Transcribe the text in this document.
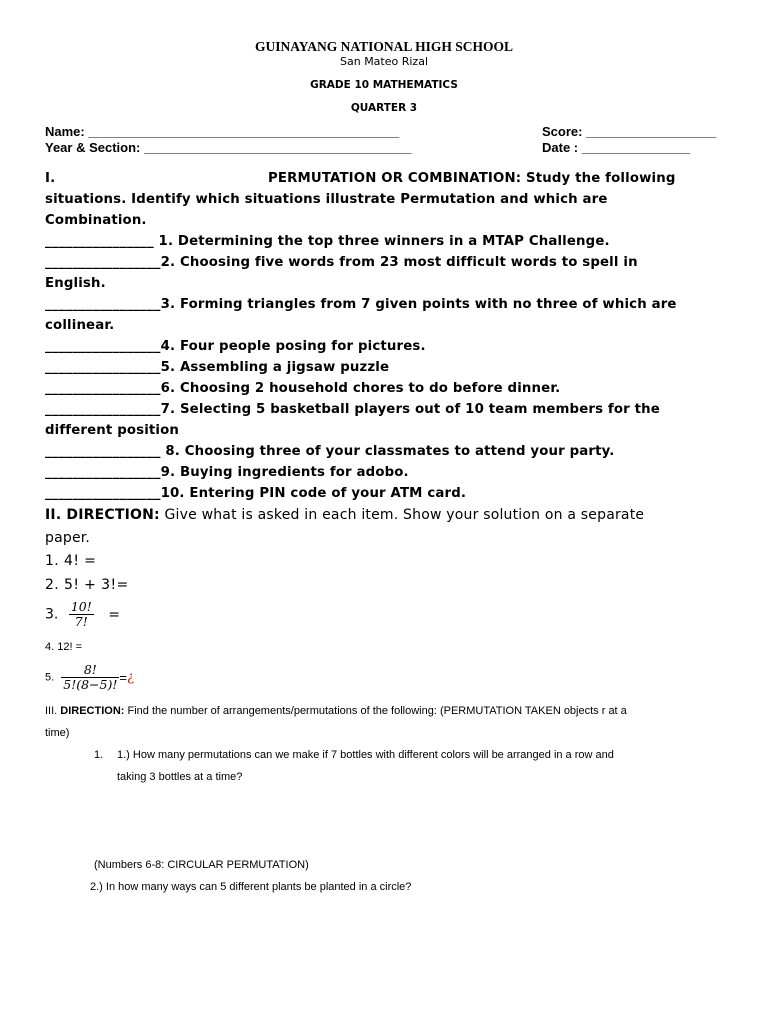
GUINAYANG NATIONAL HIGH SCHOOL
San Mateo Rizal
GRADE 10 MATHEMATICS
QUARTER 3
Name: ___________________________________________
Year & Section: _____________________________________
Score: __________________
Date : _______________
I.	PERMUTATION OR COMBINATION: Study the following
situations. Identify which situations illustrate Permutation and which are
Combination.
________________ 1. Determining the top three winners in a MTAP Challenge.
_________________2. Choosing five words from 23 most difficult words to spell in
English.
_________________3. Forming triangles from 7 given points with no three of which are
collinear.
_________________4. Four people posing for pictures.
_________________5. Assembling a jigsaw puzzle
_________________6. Choosing 2 household chores to do before dinner.
_________________7. Selecting 5 basketball players out of 10 team members for the
different position
_________________ 8. Choosing three of your classmates to attend your party.
_________________9. Buying ingredients for adobo.
_________________10. Entering PIN code of your ATM card.
II. DIRECTION: Give what is asked in each item. Show your solution on a separate
paper.
1. 4! =
2. 5! + 3!=
3. $\frac{10!}{7!}$ =
4. 12! =
5. $\frac{8!}{5!(8-5)!}$ =¿
III. DIRECTION: Find the number of arrangements/permutations of the following: (PERMUTATION TAKEN objects r at a
time)
1. 1.) How many permutations can we make if 7 bottles with different colors will be arranged in a row and
taking 3 bottles at a time?
(Numbers 6-8: CIRCULAR PERMUTATION)
2.) In how many ways can 5 different plants be planted in a circle?
